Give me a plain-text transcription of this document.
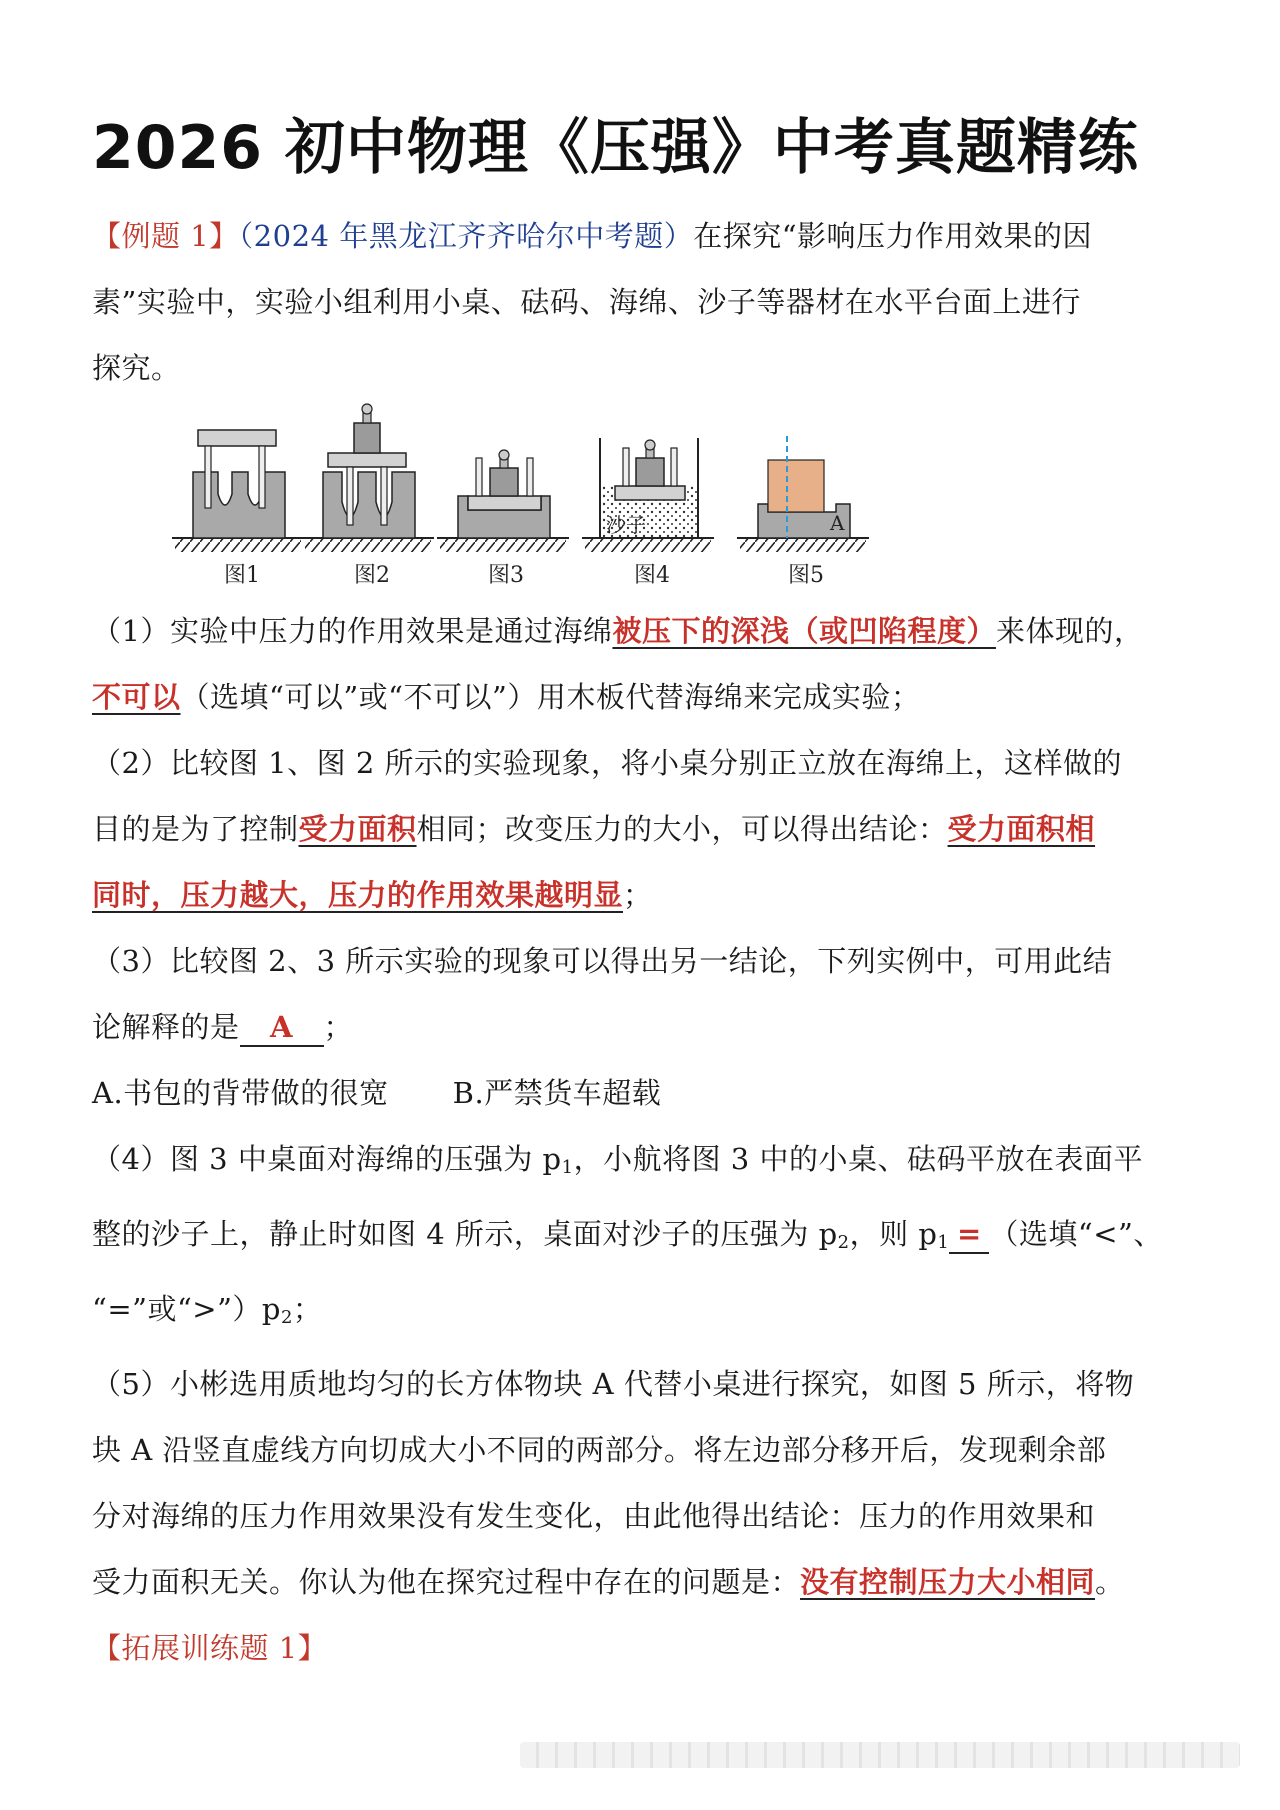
2026 初中物理《压强》中考真题精练
【例题 1】（2024 年黑龙江齐齐哈尔中考题）在探究“影响压力作用效果的因
素”实验中，实验小组利用小桌、砝码、海绵、沙子等器材在水平台面上进行
探究。
沙子	A
图1	图2	图3	图4	图5
（1）实验中压力的作用效果是通过海绵被压下的深浅（或凹陷程度）来体现的，
不可以（选填“可以”或“不可以”）用木板代替海绵来完成实验；
（2）比较图 1、图 2 所示的实验现象，将小桌分别正立放在海绵上，这样做的
目的是为了控制受力面积相同；改变压力的大小，可以得出结论：受力面积相
同时，压力越大，压力的作用效果越明显；
（3）比较图 2、3 所示实验的现象可以得出另一结论，下列实例中，可用此结
论解释的是 A ；
A.书包的背带做的很宽 B.严禁货车超载
（4）图 3 中桌面对海绵的压强为 $p_1$，小航将图 3 中的小桌、砝码平放在表面平
整的沙子上，静止时如图 4 所示，桌面对沙子的压强为 $p_2$，则 $p_1$ = （选填“<”、
“=”或“$>”)p_2$；
（5）小彬选用质地均匀的长方体物块 A 代替小桌进行探究，如图 5 所示，将物
块 A 沿竖直虚线方向切成大小不同的两部分。将左边部分移开后，发现剩余部
分对海绵的压力作用效果没有发生变化，由此他得出结论：压力的作用效果和
受力面积无关。你认为他在探究过程中存在的问题是：没有控制压力大小相同。
【拓展训练题 1】
